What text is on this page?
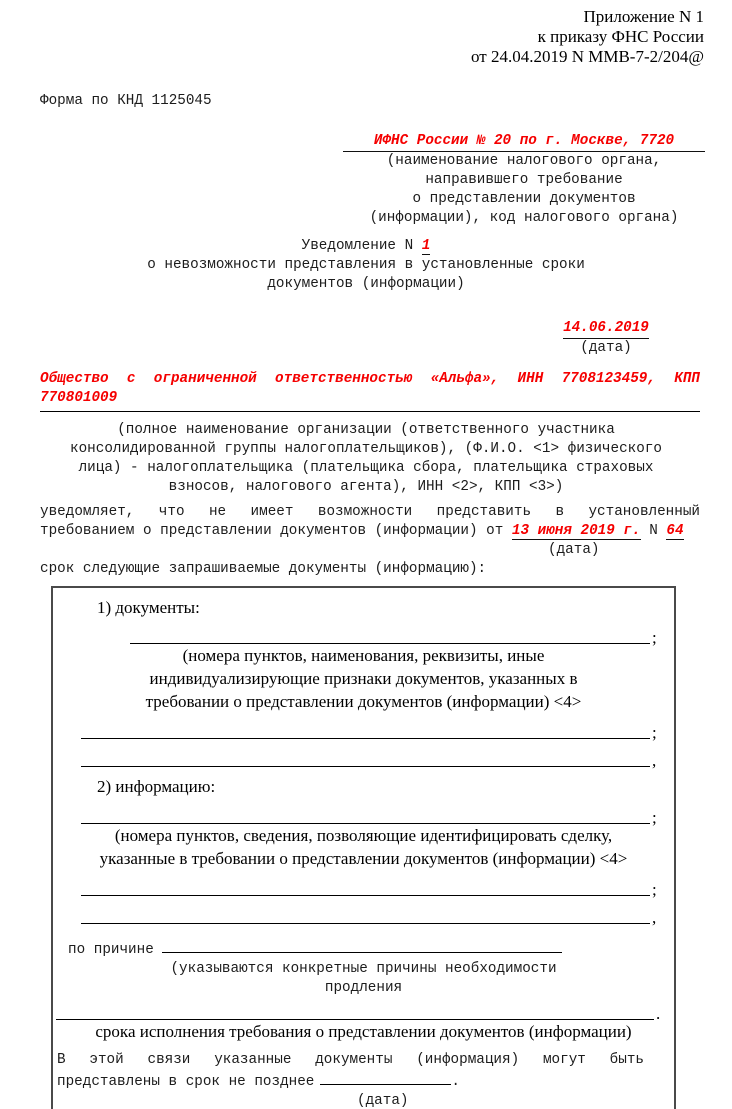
Приложение N 1
к приказу ФНС России
от 24.04.2019 N ММВ-7-2/204@
Форма по КНД 1125045
ИФНС России № 20 по г. Москве, 7720
(наименование налогового органа,
направившего требование
о представлении документов
(информации), код налогового органа)
Уведомление N 1
о невозможности представления в установленные сроки
документов (информации)
14.06.2019
(дата)
Общество с ограниченной ответственностью «Альфа», ИНН 7708123459, КПП
770801009
(полное наименование организации (ответственного участника
консолидированной группы налогоплательщиков), (Ф.И.О. <1> физического
лица) - налогоплательщика (плательщика сбора, плательщика страховых
взносов, налогового агента), ИНН <2>, КПП <3>)
уведомляет, что не имеет возможности представить в установленный
требованием о представлении документов (информации) от 13 июня 2019 г. N 64
(дата)
срок следующие запрашиваемые документы (информацию):
1) документы:
;
(номера пунктов, наименования, реквизиты, иные
индивидуализирующие признаки документов, указанных в
требовании о представлении документов (информации) <4>
;
,
2) информацию:
;
(номера пунктов, сведения, позволяющие идентифицировать сделку,
указанные в требовании о представлении документов (информации) <4>
;
,
по причине
(указываются конкретные причины необходимости
продления
.
срока исполнения требования о представлении документов (информации)
В этой связи указанные документы (информация) могут быть
представлены в срок не позднее	.
(дата)
